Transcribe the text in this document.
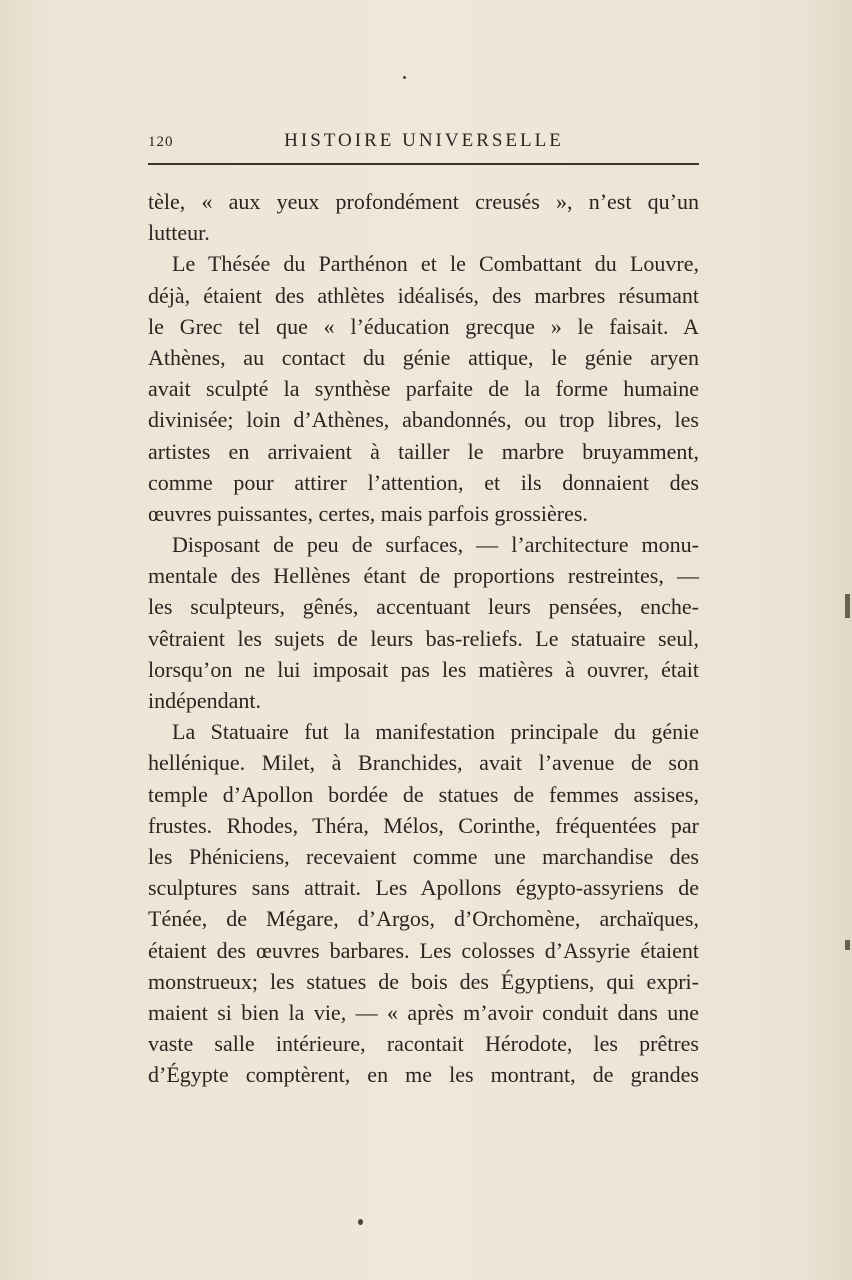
120	HISTOIRE UNIVERSELLE
tèle, « aux yeux profondément creusés », n’est qu’un
lutteur.
Le Thésée du Parthénon et le Combattant du Louvre,
déjà, étaient des athlètes idéalisés, des marbres résumant
le Grec tel que « l’éducation grecque » le faisait. A
Athènes, au contact du génie attique, le génie aryen
avait sculpté la synthèse parfaite de la forme humaine
divinisée; loin d’Athènes, abandonnés, ou trop libres, les
artistes en arrivaient à tailler le marbre bruyamment,
comme pour attirer l’attention, et ils donnaient des
œuvres puissantes, certes, mais parfois grossières.
Disposant de peu de surfaces, — l’architecture monu-
mentale des Hellènes étant de proportions restreintes, —
les sculpteurs, gênés, accentuant leurs pensées, enche-
vêtraient les sujets de leurs bas-reliefs. Le statuaire seul,
lorsqu’on ne lui imposait pas les matières à ouvrer, était
indépendant.
La Statuaire fut la manifestation principale du génie
hellénique. Milet, à Branchides, avait l’avenue de son
temple d’Apollon bordée de statues de femmes assises,
frustes. Rhodes, Théra, Mélos, Corinthe, fréquentées par
les Phéniciens, recevaient comme une marchandise des
sculptures sans attrait. Les Apollons égypto-assyriens de
Ténée, de Mégare, d’Argos, d’Orchomène, archaïques,
étaient des œuvres barbares. Les colosses d’Assyrie étaient
monstrueux; les statues de bois des Égyptiens, qui expri-
maient si bien la vie, — « après m’avoir conduit dans une
vaste salle intérieure, racontait Hérodote, les prêtres
d’Égypte comptèrent, en me les montrant, de grandes
